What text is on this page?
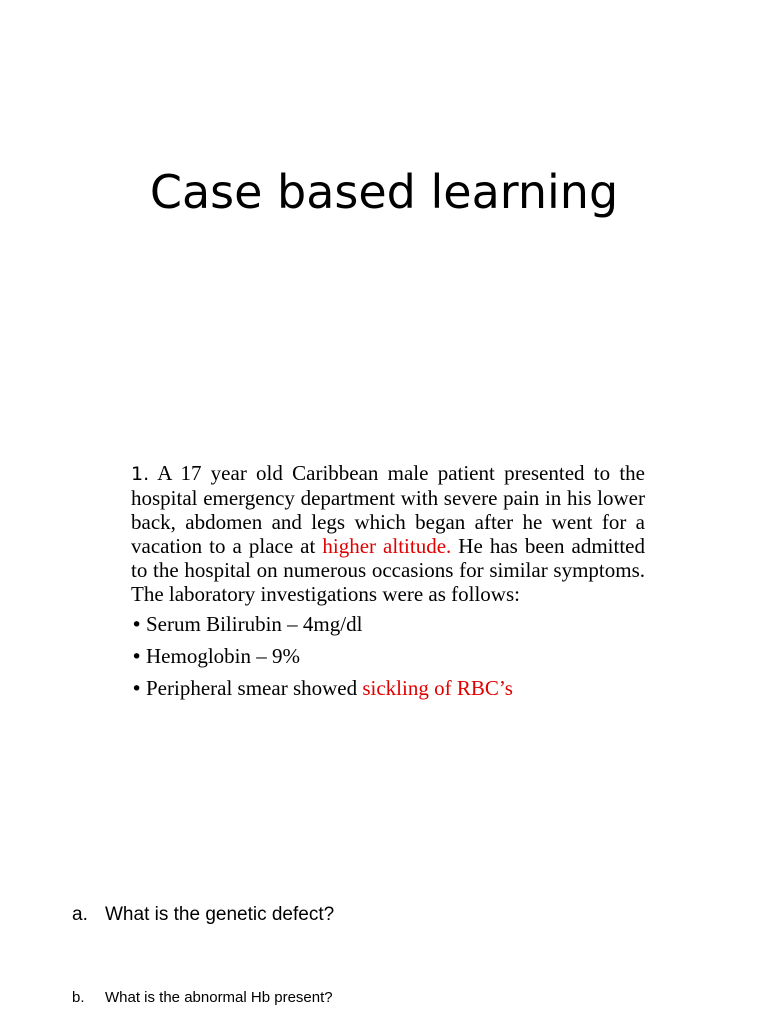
Case based learning

1. A 17 year old Caribbean male patient presented to the hospital emergency department with severe pain in his lower back, abdomen and legs which began after he went for a vacation to a place at higher altitude. He has been admitted to the hospital on numerous occasions for similar symptoms. The laboratory investigations were as follows:

• Serum Bilirubin – 4mg/dl
• Hemoglobin – 9%
• Peripheral smear showed sickling of RBC’s
a. What is the genetic defect?
b.	What is the abnormal Hb present?
